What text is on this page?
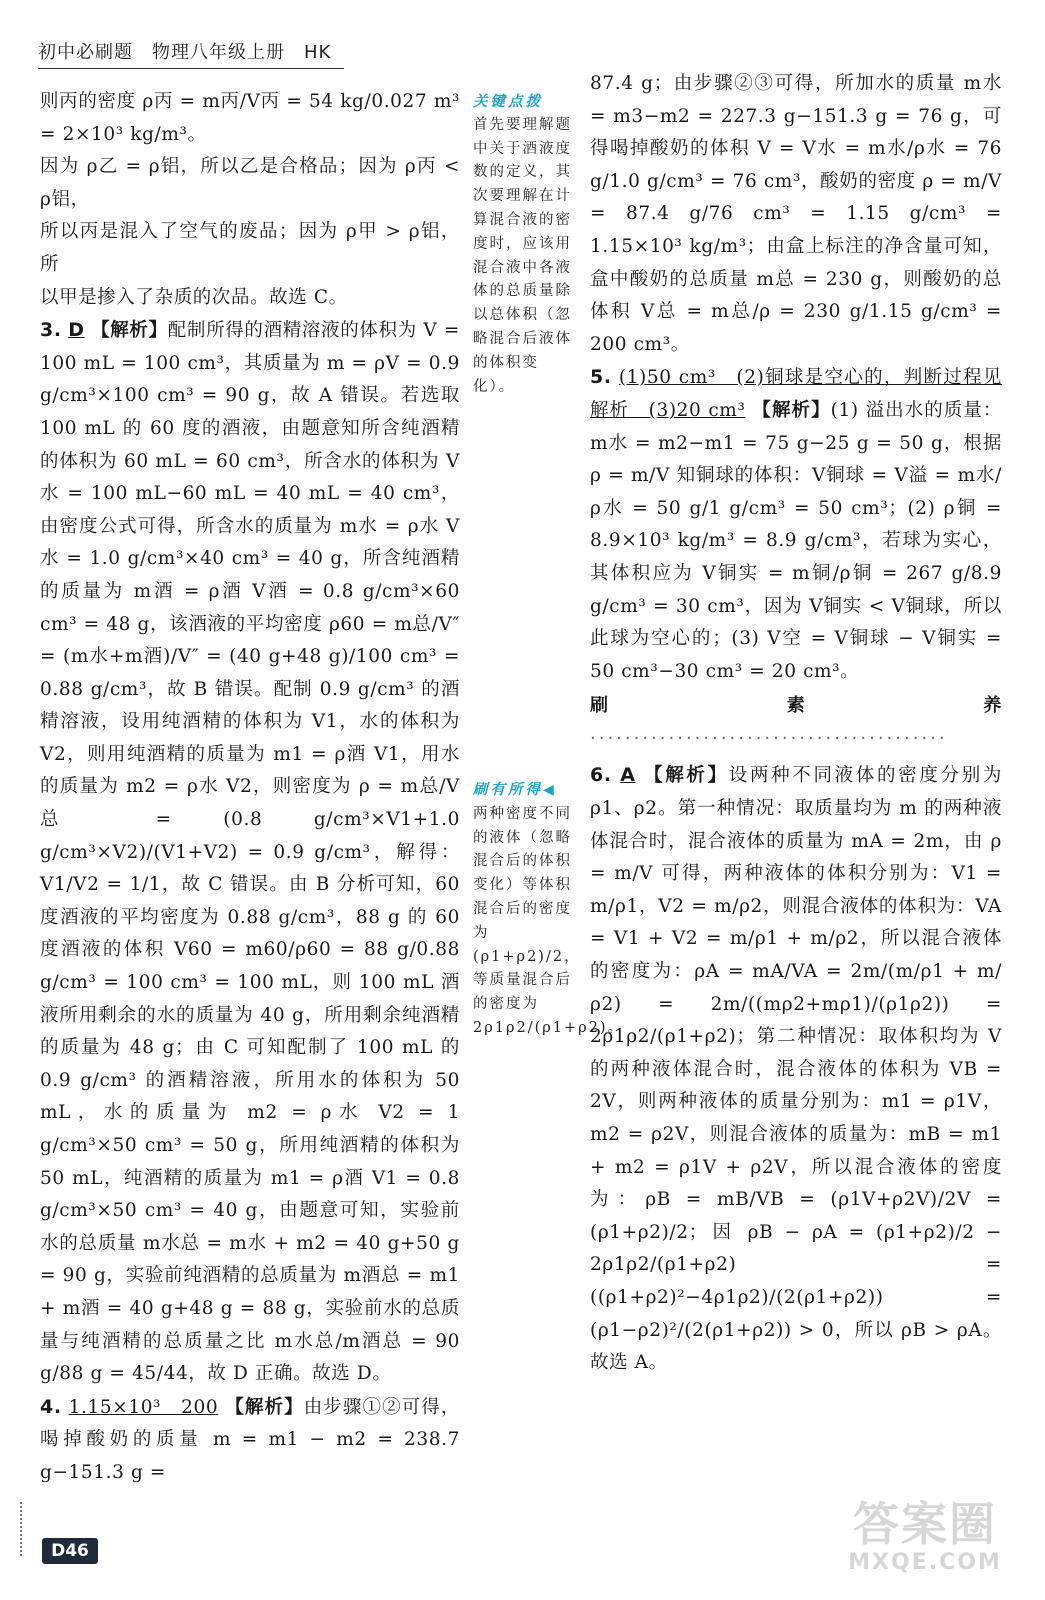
初中必刷题　物理八年级上册　HK

则丙的密度 ρ丙 = m丙/V丙 = 54 kg/0.027 m³ = 2×10³ kg/m³。

因为 ρ乙 = ρ铝，所以乙是合格品；因为 ρ丙 < ρ铝，

所以丙是混入了空气的废品；因为 ρ甲 > ρ铝，所

以甲是掺入了杂质的次品。故选 C。

3. D 【解析】配制所得的酒精溶液的体积为 V = 100 mL = 100 cm³，其质量为 m = ρV = 0.9 g/cm³×100 cm³ = 90 g，故 A 错误。若选取 100 mL 的 60 度的酒液，由题意知所含纯酒精的体积为 60 mL = 60 cm³，所含水的体积为 V水 = 100 mL−60 mL = 40 mL = 40 cm³，由密度公式可得，所含水的质量为 m水 = ρ水 V水 = 1.0 g/cm³×40 cm³ = 40 g，所含纯酒精的质量为 m酒 = ρ酒 V酒 = 0.8 g/cm³×60 cm³ = 48 g，该酒液的平均密度 ρ60 = m总/V″ = (m水+m酒)/V″ = (40 g+48 g)/100 cm³ = 0.88 g/cm³，故 B 错误。配制 0.9 g/cm³ 的酒精溶液，设用纯酒精的体积为 V1，水的体积为 V2，则用纯酒精的质量为 m1 = ρ酒 V1，用水的质量为 m2 = ρ水 V2，则密度为 ρ = m总/V总 = (0.8 g/cm³×V1+1.0 g/cm³×V2)/(V1+V2) = 0.9 g/cm³，解得：V1/V2 = 1/1，故 C 错误。由 B 分析可知，60 度酒液的平均密度为 0.88 g/cm³，88 g 的 60 度酒液的体积 V60 = m60/ρ60 = 88 g/0.88 g/cm³ = 100 cm³ = 100 mL，则 100 mL 酒液所用剩余的水的质量为 40 g，所用剩余纯酒精的质量为 48 g；由 C 可知配制了 100 mL 的 0.9 g/cm³ 的酒精溶液，所用水的体积为 50 mL，水的质量为 m2 = ρ水 V2 = 1 g/cm³×50 cm³ = 50 g，所用纯酒精的体积为 50 mL，纯酒精的质量为 m1 = ρ酒 V1 = 0.8 g/cm³×50 cm³ = 40 g，由题意可知，实验前水的总质量 m水总 = m水 + m2 = 40 g+50 g = 90 g，实验前纯酒精的总质量为 m酒总 = m1 + m酒 = 40 g+48 g = 88 g，实验前水的总质量与纯酒精的总质量之比 m水总/m酒总 = 90 g/88 g = 45/44，故 D 正确。故选 D。

4. 1.15×10³　200 【解析】由步骤①②可得，喝掉酸奶的质量 m = m1 − m2 = 238.7 g−151.3 g =

关键点拨
首先要理解题中关于酒液度数的定义，其次要理解在计算混合液的密度时，应该用混合液中各液体的总质量除以总体积（忽略混合后液体的体积变化）。
刷有所得◀
两种密度不同的液体（忽略混合后的体积变化）等体积混合后的密度为 (ρ1+ρ2)/2，等质量混合后的密度为 2ρ1ρ2/(ρ1+ρ2)。

87.4 g；由步骤②③可得，所加水的质量 m水 = m3−m2 = 227.3 g−151.3 g = 76 g，可得喝掉酸奶的体积 V = V水 = m水/ρ水 = 76 g/1.0 g/cm³ = 76 cm³，酸奶的密度 ρ = m/V = 87.4 g/76 cm³ = 1.15 g/cm³ = 1.15×10³ kg/m³；由盒上标注的净含量可知，盒中酸奶的总质量 m总 = 230 g，则酸奶的总体积 V总 = m总/ρ = 230 g/1.15 g/cm³ = 200 cm³。

5. (1)50 cm³　(2)铜球是空心的，判断过程见解析　(3)20 cm³ 【解析】(1) 溢出水的质量：m水 = m2−m1 = 75 g−25 g = 50 g，根据 ρ = m/V 知铜球的体积：V铜球 = V溢 = m水/ρ水 = 50 g/1 g/cm³ = 50 cm³；(2) ρ铜 = 8.9×10³ kg/m³ = 8.9 g/cm³，若球为实心，其体积应为 V铜实 = m铜/ρ铜 = 267 g/8.9 g/cm³ = 30 cm³，因为 V铜实 < V铜球，所以此球为空心的；(3) V空 = V铜球 − V铜实 = 50 cm³−30 cm³ = 20 cm³。

刷素养·········································

6. A 【解析】设两种不同液体的密度分别为 ρ1、ρ2。第一种情况：取质量均为 m 的两种液体混合时，混合液体的质量为 mA = 2m，由 ρ = m/V 可得，两种液体的体积分别为：V1 = m/ρ1，V2 = m/ρ2，则混合液体的体积为：VA = V1 + V2 = m/ρ1 + m/ρ2，所以混合液体的密度为：ρA = mA/VA = 2m/(m/ρ1 + m/ρ2) = 2m/((mρ2+mρ1)/(ρ1ρ2)) = 2ρ1ρ2/(ρ1+ρ2)；第二种情况：取体积均为 V 的两种液体混合时，混合液体的体积为 VB = 2V，则两种液体的质量分别为：m1 = ρ1V，m2 = ρ2V，则混合液体的质量为：mB = m1 + m2 = ρ1V + ρ2V，所以混合液体的密度为：ρB = mB/VB = (ρ1V+ρ2V)/2V = (ρ1+ρ2)/2；因 ρB − ρA = (ρ1+ρ2)/2 − 2ρ1ρ2/(ρ1+ρ2) = ((ρ1+ρ2)²−4ρ1ρ2)/(2(ρ1+ρ2)) = (ρ1−ρ2)²/(2(ρ1+ρ2)) > 0，所以 ρB > ρA。故选 A。

D46	答案圈
MXQE.COM
